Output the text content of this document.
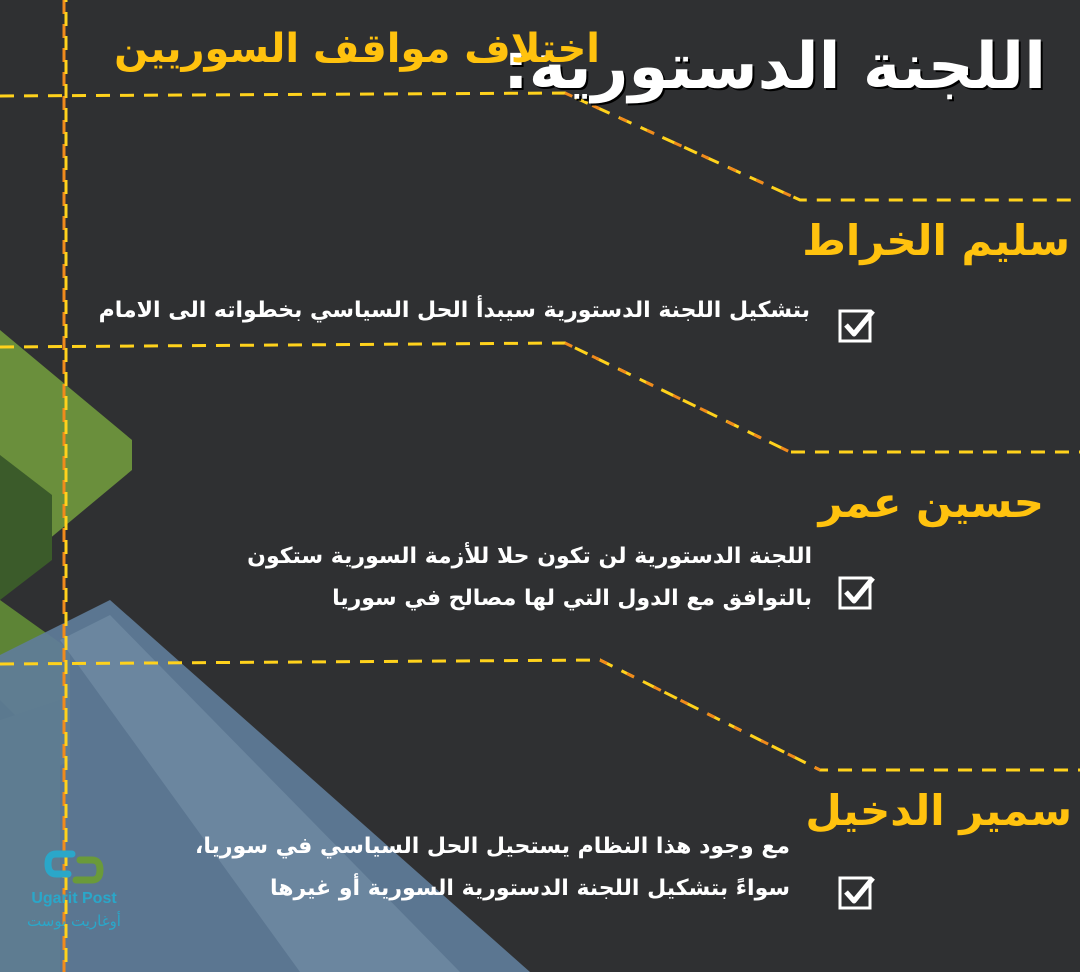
اللجنة الدستورية:
اختلاف مواقف السوريين
سليم الخراط
بتشكيل اللجنة الدستورية سيبدأ الحل السياسي بخطواته الى الامام
حسين عمر
اللجنة الدستورية لن تكون حلا للأزمة السورية ستكون
بالتوافق مع الدول التي لها مصالح في سوريا
سمير الدخيل
مع وجود هذا النظام يستحيل الحل السياسي في سوريا،
سواءً بتشكيل اللجنة الدستورية السورية أو غيرها
Ugarit Post
أوغاريت بوست
